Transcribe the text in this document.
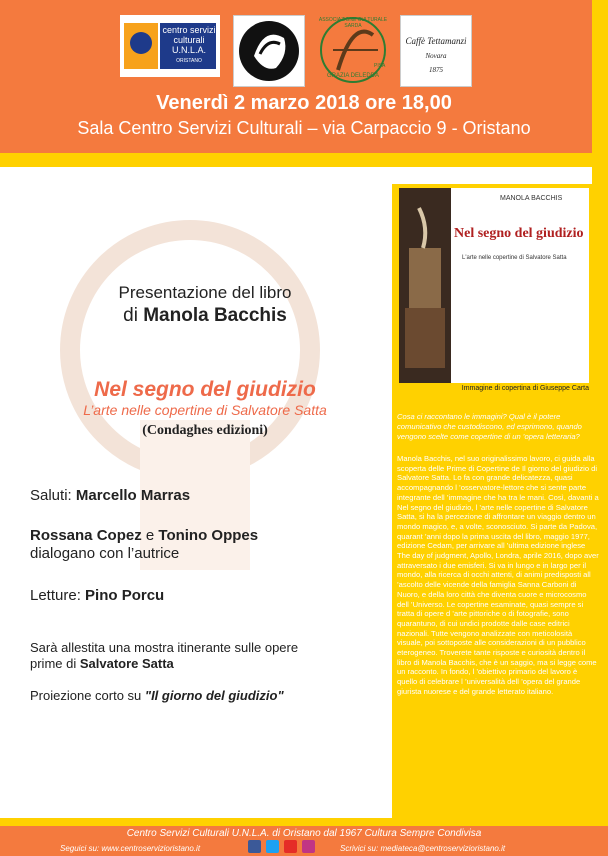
centro servizi culturali U.N.L.A.
ORISTANO
ASSOCIAZIONE CULTURALE SARDA
GRAZIA DELEDDA
PISA
Caffè Tettamanzi
Novara
1875
Venerdì 2 marzo 2018 ore 18,00
Sala Centro Servizi Culturali – via Carpaccio 9 - Oristano
Presentazione del libro
di Manola Bacchis
Nel segno del giudizio
L’arte nelle copertine di Salvatore Satta
(Condaghes edizioni)
Saluti: Marcello Marras
Rossana Copez e Tonino Oppes
dialogano con l’autrice
Letture: Pino Porcu
Sarà allestita una mostra itinerante sulle opere
prime di Salvatore Satta
Proiezione corto su "Il giorno del giudizio"
MANOLA BACCHIS
Nel segno del giudizio
L'arte nelle copertine di Salvatore Satta
Immagine di copertina di Giuseppe Carta
Cosa ci raccontano le immagini? Qual è il potere comunicativo che custodiscono, ed esprimono, quando vengono scelte come copertine di un ’opera letteraria?
Manola Bacchis, nel suo originalissimo lavoro, ci guida alla scoperta delle Prime di Copertine de Il giorno del giudizio di Salvatore Satta. Lo fa con grande delicatezza, quasi accompagnando l ’osservatore-lettore che si sente parte integrante dell ’immagine che ha tra le mani. Così, davanti a Nel segno del giudizio, l ’arte nelle copertine di Salvatore Satta, si ha la percezione di affrontare un viaggio dentro un mondo magico, e, a volte, sconosciuto. Si parte da Padova, quarant ’anni dopo la prima uscita del libro, maggio 1977, edizione Cedam, per arrivare all ’ultima edizione inglese The day of judgment, Apollo, Londra, aprile 2016, dopo aver attraversato i due emisferi. Si va in lungo e in largo per il mondo, alla ricerca di occhi attenti, di animi predisposti all ’ascolto delle vicende della famiglia Sanna Carboni di Nuoro, e della loro città che diventa cuore e microcosmo dell ’Universo. Le copertine esaminate, quasi sempre si tratta di opere d ’arte pittoriche o di fotografie, sono quarantuno, di cui undici prodotte dalle case editrici nazionali. Tutte vengono analizzate con meticolosità visuale, poi sottoposte alle considerazioni di un pubblico eterogeneo. Troverete tante risposte e curiosità dentro il libro di Manola Bacchis, che è un saggio, ma si legge come un racconto. In fondo, l ’obiettivo primario del lavoro è quello di celebrare l ’universalità dell ’opera del grande giurista nuorese e del grande letterato italiano.
Centro Servizi Culturali U.N.L.A. di Oristano dal 1967 Cultura Sempre Condivisa
Seguici su: www.centroservizioristano.it	Scrivici su: mediateca@centroservizioristano.it
